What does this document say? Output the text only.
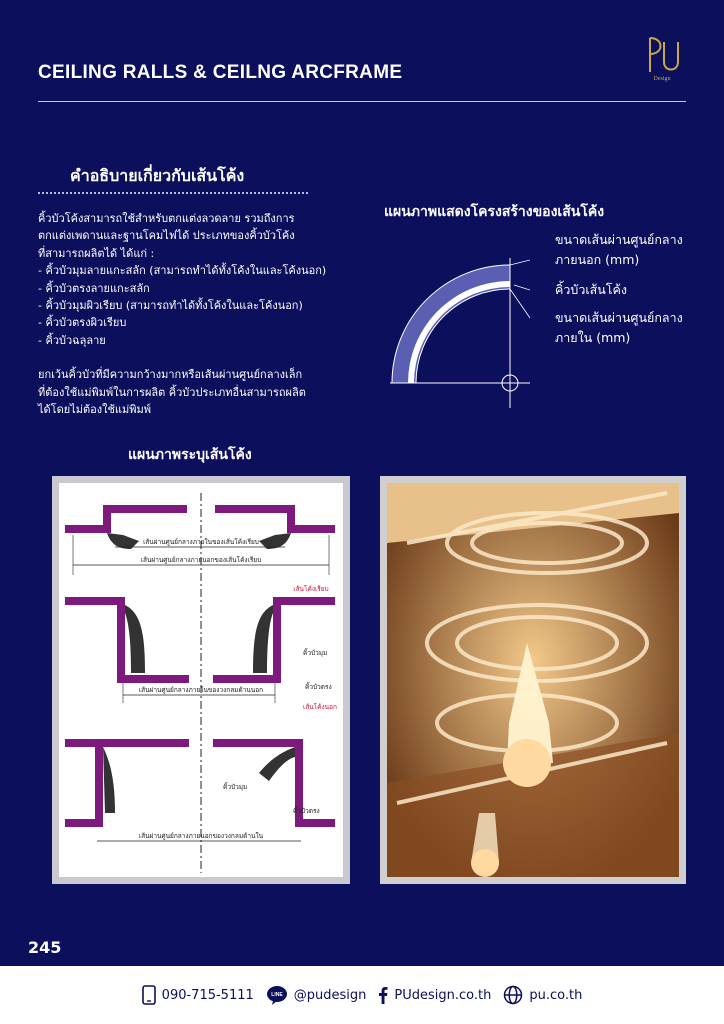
CEILING RALLS & CEILNG ARCFRAME	Design
คำอธิบายเกี่ยวกับเส้นโค้ง

คิ้วบัวโค้งสามารถใช้สำหรับตกแต่งลวดลาย รวมถึงการ

ตกแต่งเพดานและฐานโคมไฟได้ ประเภทของคิ้วบัวโค้ง

ที่สามารถผลิตได้ ได้แก่ :

- คิ้วบัวมุมลายแกะสลัก (สามารถทำได้ทั้งโค้งในและโค้งนอก)

- คิ้วบัวตรงลายแกะสลัก

- คิ้วบัวมุมผิวเรียบ (สามารถทำได้ทั้งโค้งในและโค้งนอก)

- คิ้วบัวตรงผิวเรียบ

- คิ้วบัวฉลุลาย

ยกเว้นคิ้วบัวที่มีความกว้างมากหรือเส้นผ่านศูนย์กลางเล็ก

ที่ต้องใช้แม่พิมพ์ในการผลิต คิ้วบัวประเภทอื่นสามารถผลิต

ได้โดยไม่ต้องใช้แม่พิมพ์

แผนภาพแสดงโครงสร้างของเส้นโค้ง
ขนาดเส้นผ่านศูนย์กลาง
ภายนอก (mm)
คิ้วบัวเส้นโค้ง
ขนาดเส้นผ่านศูนย์กลาง
ภายใน (mm)
แผนภาพระบุเส้นโค้ง
เส้นผ่านศูนย์กลางภายในของเส้นโค้งเรียบ
เส้นผ่านศูนย์กลางภายนอกของเส้นโค้งเรียบ
เส้นโค้งเรียบ
เส้นผ่านศูนย์กลางภายในของวงกลมด้านนอก
คิ้วบัวมุม
คิ้วบัวตรง
เส้นโค้งนอก
เส้นผ่านศูนย์กลางภายนอกของวงกลมด้านใน
คิ้วบัวมุม
คิ้วบัวตรง
245
090-715-5111	LINE @pudesign PUdesign.co.th	pu.co.th
